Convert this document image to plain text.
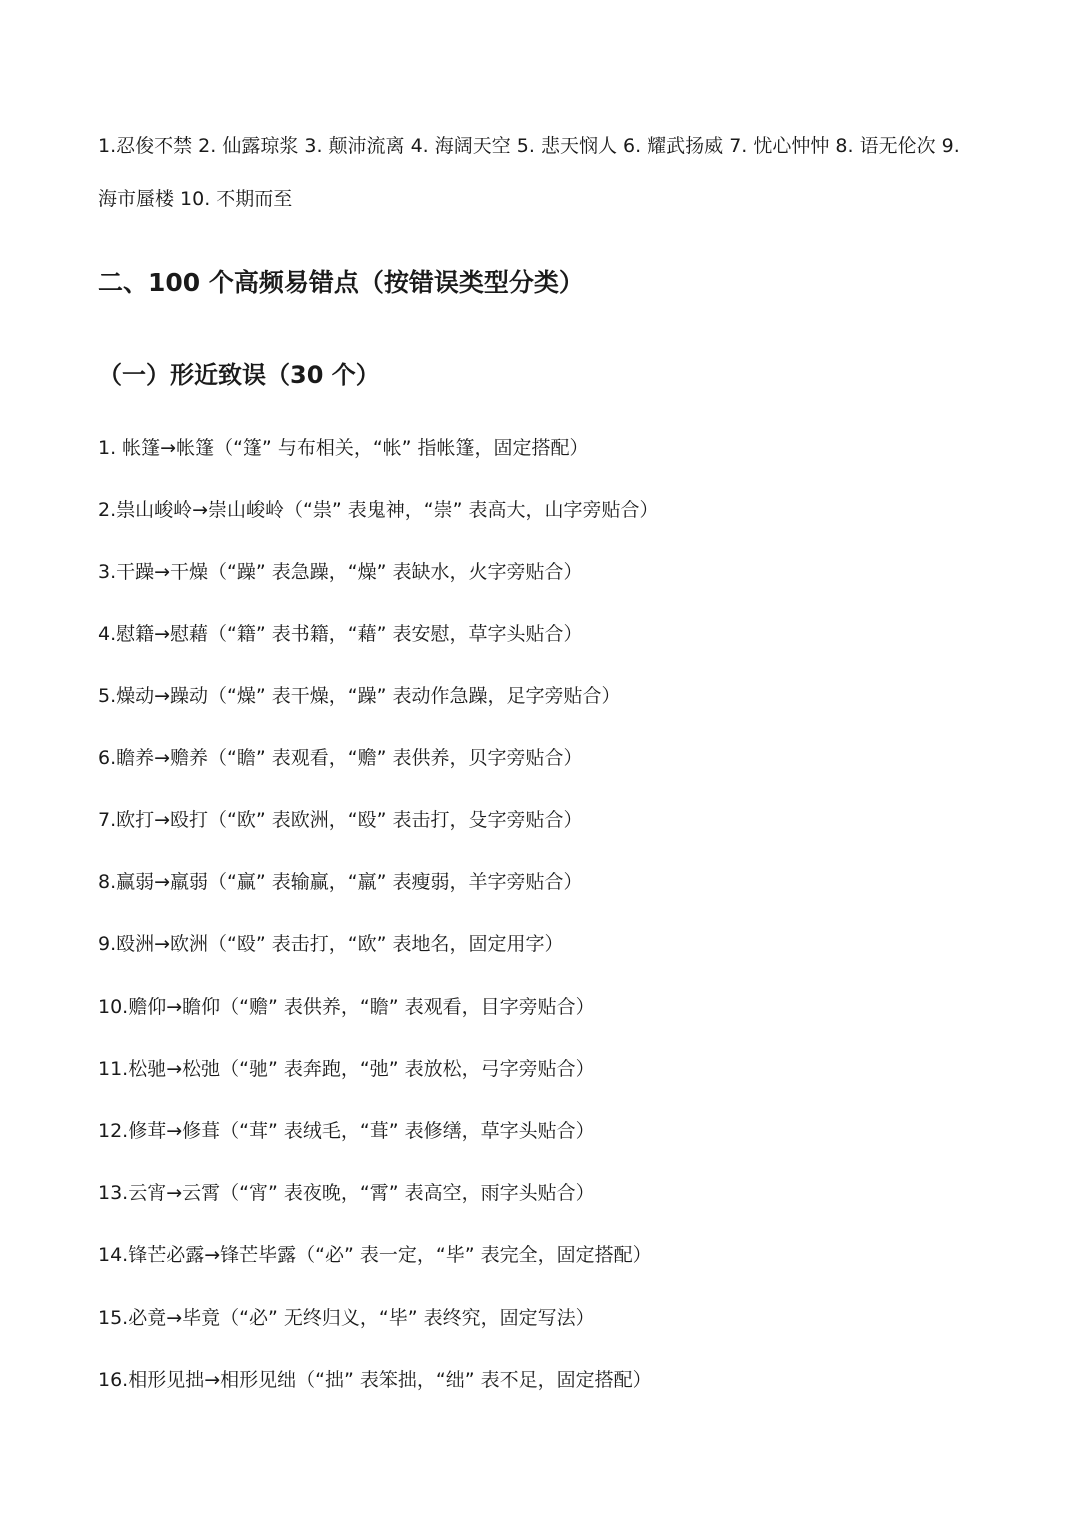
1.忍俊不禁 2. 仙露琼浆 3. 颠沛流离 4. 海阔天空 5. 悲天悯人 6. 耀武扬威 7. 忧心忡忡 8. 语无伦次 9.
海市蜃楼 10. 不期而至
二、100 个高频易错点（按错误类型分类）
（一）形近致误（30 个）
1. 帐篷→帐篷（“篷” 与布相关，“帐” 指帐篷，固定搭配）
2.祟山峻岭→崇山峻岭（“祟” 表鬼神，“崇” 表高大，山字旁贴合）
3.干躁→干燥（“躁” 表急躁，“燥” 表缺水，火字旁贴合）
4.慰籍→慰藉（“籍” 表书籍，“藉” 表安慰，草字头贴合）
5.燥动→躁动（“燥” 表干燥，“躁” 表动作急躁，足字旁贴合）
6.瞻养→赡养（“瞻” 表观看，“赡” 表供养，贝字旁贴合）
7.欧打→殴打（“欧” 表欧洲，“殴” 表击打，殳字旁贴合）
8.赢弱→羸弱（“赢” 表输赢，“羸” 表瘦弱，羊字旁贴合）
9.殴洲→欧洲（“殴” 表击打，“欧” 表地名，固定用字）
10.赡仰→瞻仰（“赡” 表供养，“瞻” 表观看，目字旁贴合）
11.松驰→松弛（“驰” 表奔跑，“弛” 表放松，弓字旁贴合）
12.修茸→修葺（“茸” 表绒毛，“葺” 表修缮，草字头贴合）
13.云宵→云霄（“宵” 表夜晚，“霄” 表高空，雨字头贴合）
14.锋芒必露→锋芒毕露（“必” 表一定，“毕” 表完全，固定搭配）
15.必竟→毕竟（“必” 无终归义，“毕” 表终究，固定写法）
16.相形见拙→相形见绌（“拙” 表笨拙，“绌” 表不足，固定搭配）
